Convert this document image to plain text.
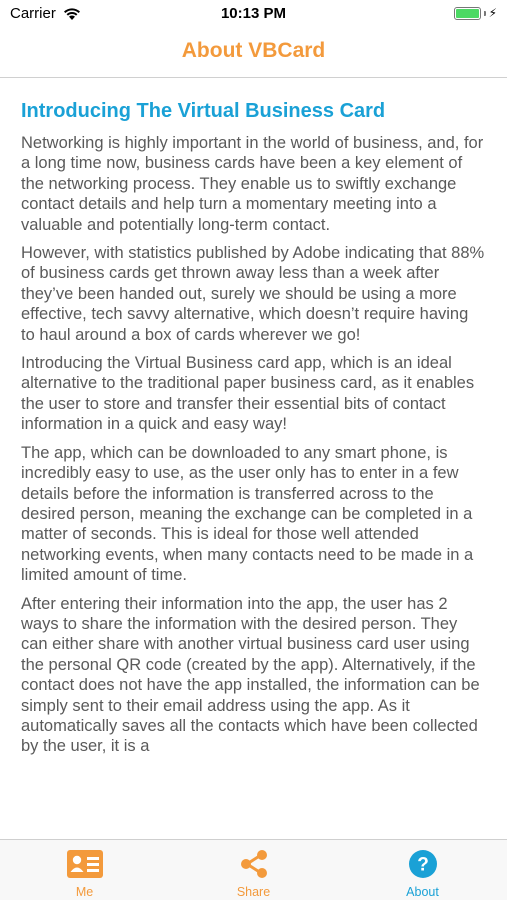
Carrier	10:13 PM	⚡
About VBCard
Introducing The Virtual Business Card

Networking is highly important in the world of business, and, for a long time now, business cards have been a key element of the networking process. They enable us to swiftly exchange contact details and help turn a momentary meeting into a valuable and potentially long-term contact.

However, with statistics published by Adobe indicating that 88% of business cards get thrown away less than a week after they’ve been handed out, surely we should be using a more effective, tech savvy alternative, which doesn’t require having to haul around a box of cards wherever we go!

Introducing the Virtual Business card app, which is an ideal alternative to the traditional paper business card, as it enables the user to store and transfer their essential bits of contact information in a quick and easy way!

The app, which can be downloaded to any smart phone, is incredibly easy to use, as the user only has to enter in a few details before the information is transferred across to the desired person, meaning the exchange can be completed in a matter of seconds. This is ideal for those well attended networking events, when many contacts need to be made in a limited amount of time.

After entering their information into the app, the user has 2 ways to share the information with the desired person. They can either share with another virtual business card user using the personal QR code (created by the app). Alternatively, if the contact does not have the app installed, the information can be simply sent to their email address using the app. As it automatically saves all the contacts which have been collected by the user, it is a

Me	Share
?
About
